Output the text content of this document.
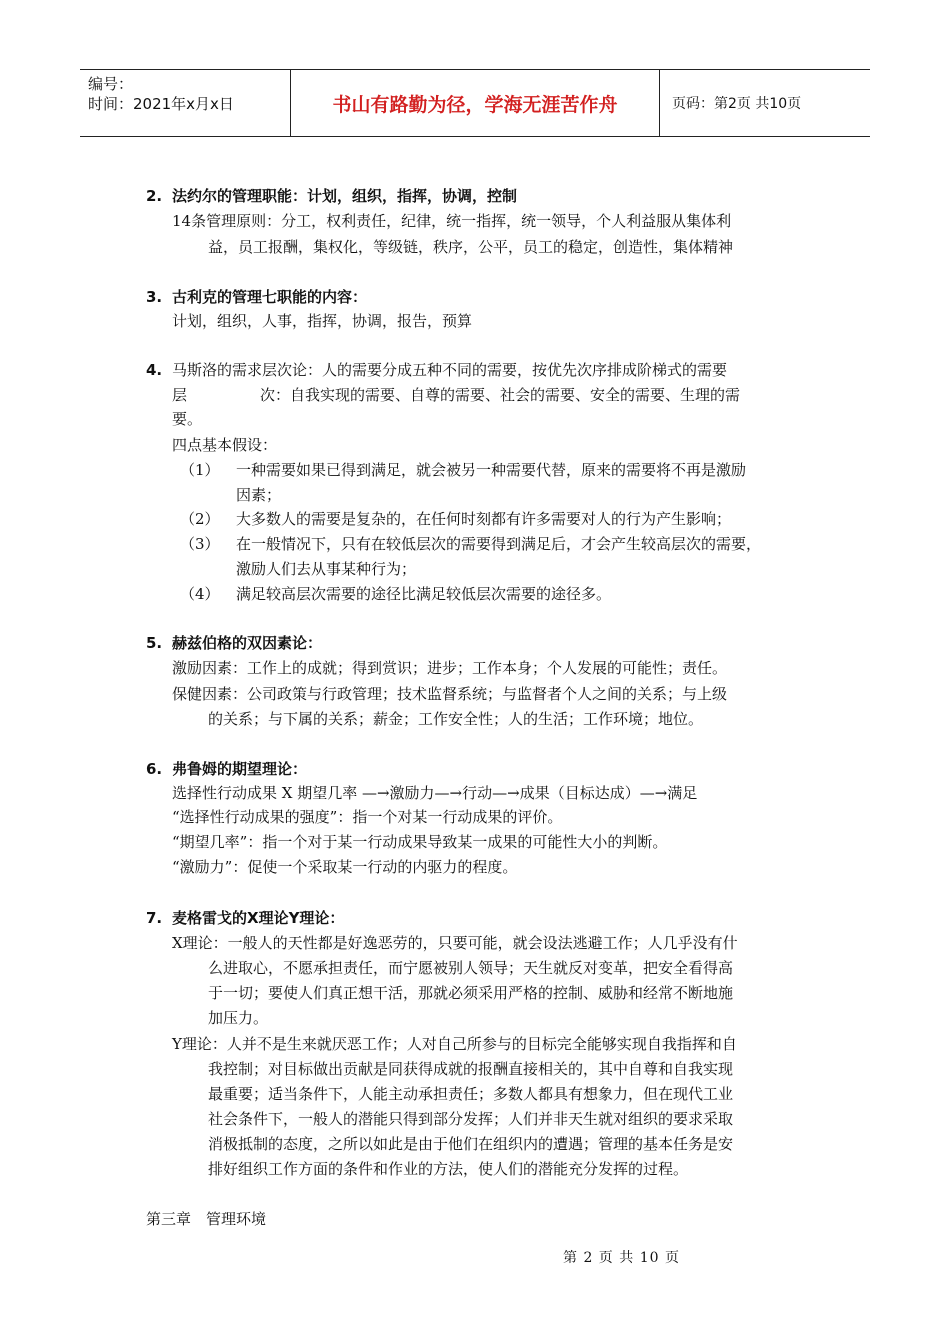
编号：
时间：2021年x月x日	书山有路勤为径，学海无涯苦作舟	页码：第2页 共10页
2. 法约尔的管理职能：计划，组织，指挥，协调，控制
14条管理原则：分工，权利责任，纪律，统一指挥，统一领导，个人利益服从集体利
益，员工报酬，集权化，等级链，秩序，公平，员工的稳定，创造性，集体精神
3. 古利克的管理七职能的内容：
计划，组织，人事，指挥，协调，报告，预算
4. 马斯洛的需求层次论：人的需要分成五种不同的需要，按优先次序排成阶梯式的需要
层	次：自我实现的需要、自尊的需要、社会的需要、安全的需要、生理的需
要。
四点基本假设：
（1） 一种需要如果已得到满足，就会被另一种需要代替，原来的需要将不再是激励
因素；
（2） 大多数人的需要是复杂的，在任何时刻都有许多需要对人的行为产生影响；
（3） 在一般情况下，只有在较低层次的需要得到满足后，才会产生较高层次的需要，
激励人们去从事某种行为；
（4） 满足较高层次需要的途径比满足较低层次需要的途径多。
5. 赫兹伯格的双因素论：
激励因素：工作上的成就；得到赏识；进步；工作本身；个人发展的可能性；责任。
保健因素：公司政策与行政管理；技术监督系统；与监督者个人之间的关系；与上级
的关系；与下属的关系；薪金；工作安全性；人的生活；工作环境；地位。
6. 弗鲁姆的期望理论：
选择性行动成果 X 期望几率 —→激励力—→行动—→成果（目标达成）—→满足
“选择性行动成果的强度”：指一个对某一行动成果的评价。
“期望几率”：指一个对于某一行动成果导致某一成果的可能性大小的判断。
“激励力”：促使一个采取某一行动的内驱力的程度。
7. 麦格雷戈的X理论Y理论：
X理论：一般人的天性都是好逸恶劳的，只要可能，就会设法逃避工作；人几乎没有什
么进取心，不愿承担责任，而宁愿被别人领导；天生就反对变革，把安全看得高
于一切；要使人们真正想干活，那就必须采用严格的控制、威胁和经常不断地施
加压力。
Y理论：人并不是生来就厌恶工作；人对自己所参与的目标完全能够实现自我指挥和自
我控制；对目标做出贡献是同获得成就的报酬直接相关的，其中自尊和自我实现
最重要；适当条件下，人能主动承担责任；多数人都具有想象力，但在现代工业
社会条件下，一般人的潜能只得到部分发挥；人们并非天生就对组织的要求采取
消极抵制的态度，之所以如此是由于他们在组织内的遭遇；管理的基本任务是安
排好组织工作方面的条件和作业的方法，使人们的潜能充分发挥的过程。
第三章　管理环境
第 2 页 共 10 页
